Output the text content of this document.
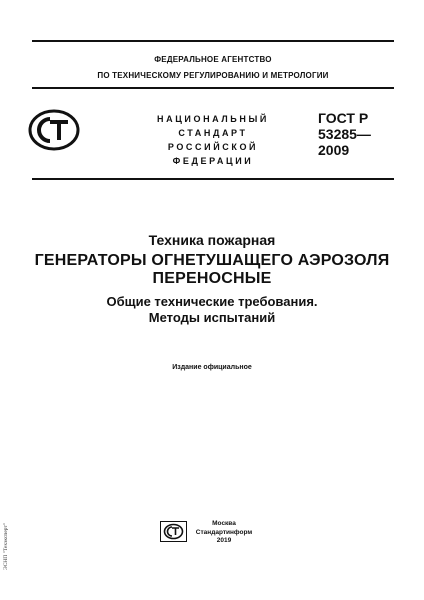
ФЕДЕРАЛЬНОЕ АГЕНТСТВО
ПО ТЕХНИЧЕСКОМУ РЕГУЛИРОВАНИЮ И МЕТРОЛОГИИ
НАЦИОНАЛЬНЫЙ
СТАНДАРТ
РОССИЙСКОЙ
ФЕДЕРАЦИИ
ГОСТ Р
53285—
2009
Техника пожарная
ГЕНЕРАТОРЫ ОГНЕТУШАЩЕГО АЭРОЗОЛЯ
ПЕРЕНОСНЫЕ
Общие технические требования.
Методы испытаний
Издание официальное
Москва
Стандартинформ
2019
ЭСНП "Техэксперт"
